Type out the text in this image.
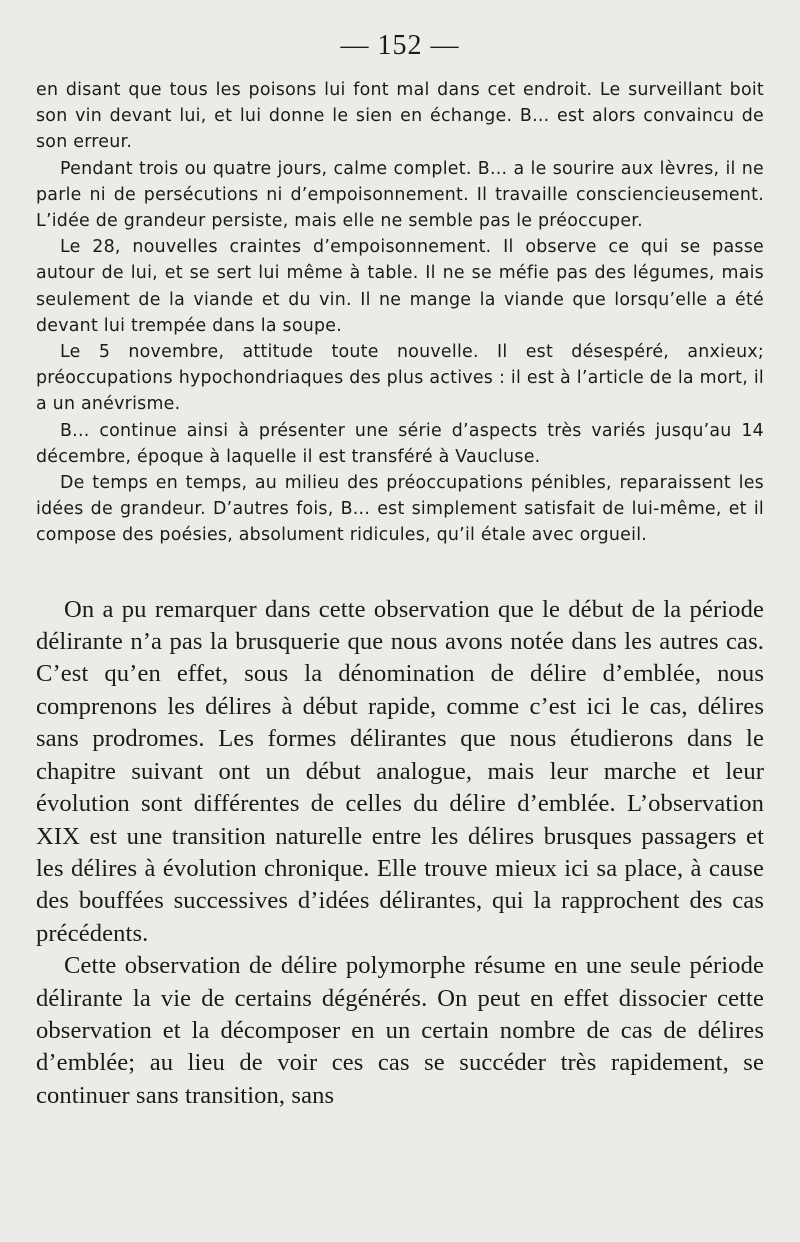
— 152 —

en disant que tous les poisons lui font mal dans cet endroit. Le surveillant boit son vin devant lui, et lui donne le sien en échange. B... est alors convaincu de son erreur.

Pendant trois ou quatre jours, calme complet. B... a le sourire aux lèvres, il ne parle ni de persécutions ni d’empoisonnement. Il travaille consciencieusement. L’idée de grandeur persiste, mais elle ne semble pas le préoccuper.

Le 28, nouvelles craintes d’empoisonnement. Il observe ce qui se passe autour de lui, et se sert lui même à table. Il ne se méfie pas des légumes, mais seulement de la viande et du vin. Il ne mange la viande que lorsqu’elle a été devant lui trempée dans la soupe.

Le 5 novembre, attitude toute nouvelle. Il est désespéré, anxieux; préoccupations hypochondriaques des plus actives : il est à l’article de la mort, il a un anévrisme.

B... continue ainsi à présenter une série d’aspects très variés jusqu’au 14 décembre, époque à laquelle il est transféré à Vaucluse.

De temps en temps, au milieu des préoccupations pénibles, reparaissent les idées de grandeur. D’autres fois, B... est simplement satisfait de lui-même, et il compose des poésies, absolument ridicules, qu’il étale avec orgueil.

On a pu remarquer dans cette observation que le début de la période délirante n’a pas la brusquerie que nous avons notée dans les autres cas. C’est qu’en effet, sous la dénomination de délire d’emblée, nous comprenons les délires à début rapide, comme c’est ici le cas, délires sans prodromes. Les formes délirantes que nous étudierons dans le chapitre suivant ont un début analogue, mais leur marche et leur évolution sont différentes de celles du délire d’emblée. L’observation XIX est une transition naturelle entre les délires brusques passagers et les délires à évolution chronique. Elle trouve mieux ici sa place, à cause des bouffées successives d’idées délirantes, qui la rapprochent des cas précédents.

Cette observation de délire polymorphe résume en une seule période délirante la vie de certains dégénérés. On peut en effet dissocier cette observation et la décomposer en un certain nombre de cas de délires d’emblée; au lieu de voir ces cas se succéder très rapidement, se continuer sans transition, sans
